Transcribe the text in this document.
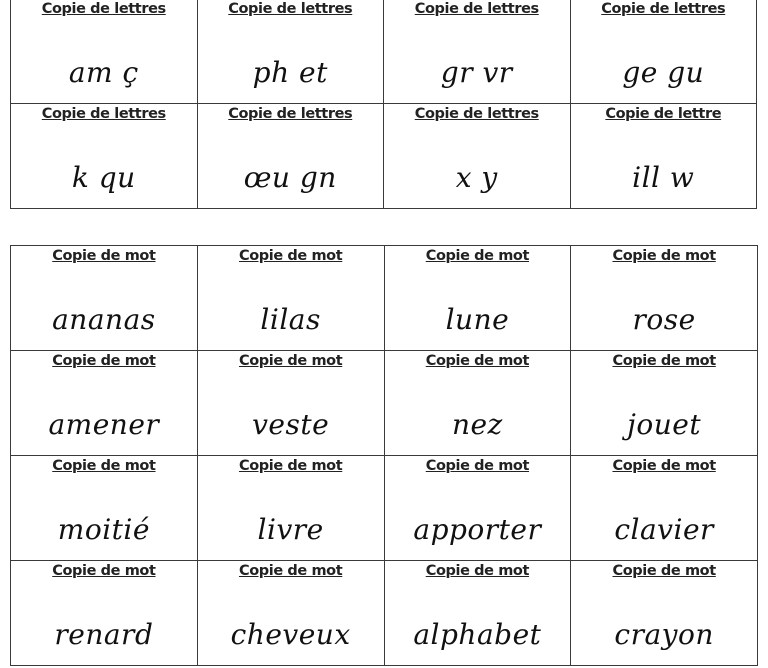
Copie de lettres
am ç	Copie de lettres
ph et	Copie de lettres
gr vr	Copie de lettres
ge gu

Copie de lettres
k qu	Copie de lettres
œu gn	Copie de lettres
x y	Copie de lettre
ill w
Copie de mot
ananas	Copie de mot
lilas	Copie de mot
lune	Copie de mot
rose

Copie de mot
amener	Copie de mot
veste	Copie de mot
nez	Copie de mot
jouet

Copie de mot
moitié	Copie de mot
livre	Copie de mot
apporter	Copie de mot
clavier

Copie de mot
renard	Copie de mot
cheveux	Copie de mot
alphabet	Copie de mot
crayon
